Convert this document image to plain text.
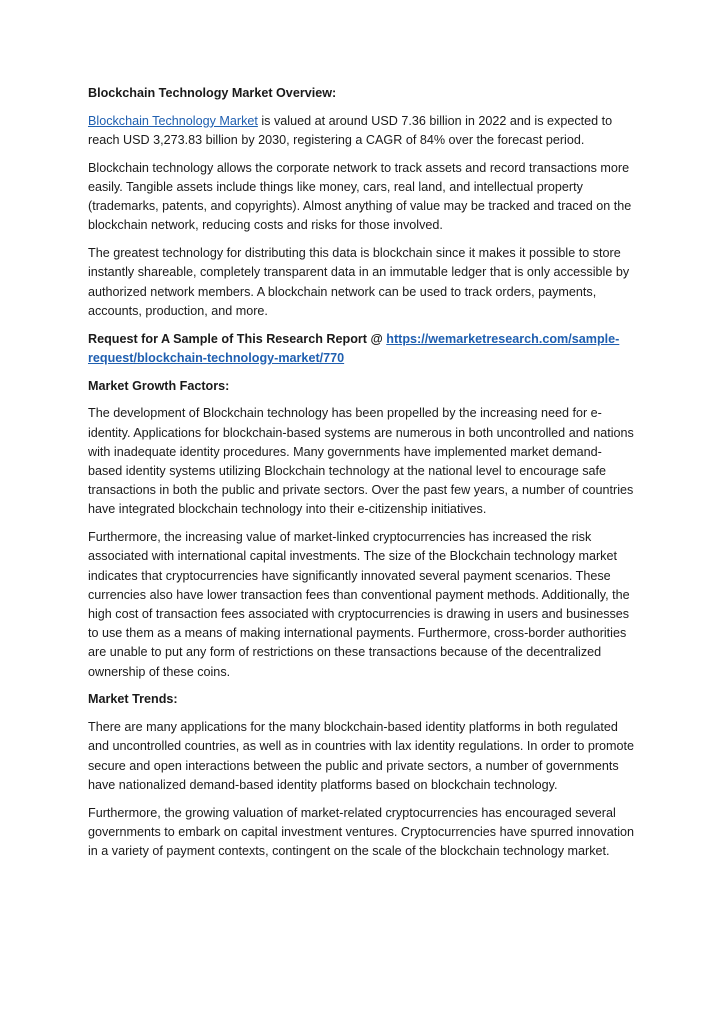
Blockchain Technology Market Overview:

Blockchain Technology Market is valued at around USD 7.36 billion in 2022 and is expected to reach USD 3,273.83 billion by 2030, registering a CAGR of 84% over the forecast period.

Blockchain technology allows the corporate network to track assets and record transactions more easily. Tangible assets include things like money, cars, real land, and intellectual property (trademarks, patents, and copyrights). Almost anything of value may be tracked and traced on the blockchain network, reducing costs and risks for those involved.

The greatest technology for distributing this data is blockchain since it makes it possible to store instantly shareable, completely transparent data in an immutable ledger that is only accessible by authorized network members. A blockchain network can be used to track orders, payments, accounts, production, and more.

Request for A Sample of This Research Report @ https://wemarketresearch.com/sample-request/blockchain-technology-market/770

Market Growth Factors:

The development of Blockchain technology has been propelled by the increasing need for e-identity. Applications for blockchain-based systems are numerous in both uncontrolled and nations with inadequate identity procedures. Many governments have implemented market demand-based identity systems utilizing Blockchain technology at the national level to encourage safe transactions in both the public and private sectors. Over the past few years, a number of countries have integrated blockchain technology into their e-citizenship initiatives.

Furthermore, the increasing value of market-linked cryptocurrencies has increased the risk associated with international capital investments. The size of the Blockchain technology market indicates that cryptocurrencies have significantly innovated several payment scenarios. These currencies also have lower transaction fees than conventional payment methods. Additionally, the high cost of transaction fees associated with cryptocurrencies is drawing in users and businesses to use them as a means of making international payments. Furthermore, cross-border authorities are unable to put any form of restrictions on these transactions because of the decentralized ownership of these coins.

Market Trends:

There are many applications for the many blockchain-based identity platforms in both regulated and uncontrolled countries, as well as in countries with lax identity regulations. In order to promote secure and open interactions between the public and private sectors, a number of governments have nationalized demand-based identity platforms based on blockchain technology.

Furthermore, the growing valuation of market-related cryptocurrencies has encouraged several governments to embark on capital investment ventures. Cryptocurrencies have spurred innovation in a variety of payment contexts, contingent on the scale of the blockchain technology market.
